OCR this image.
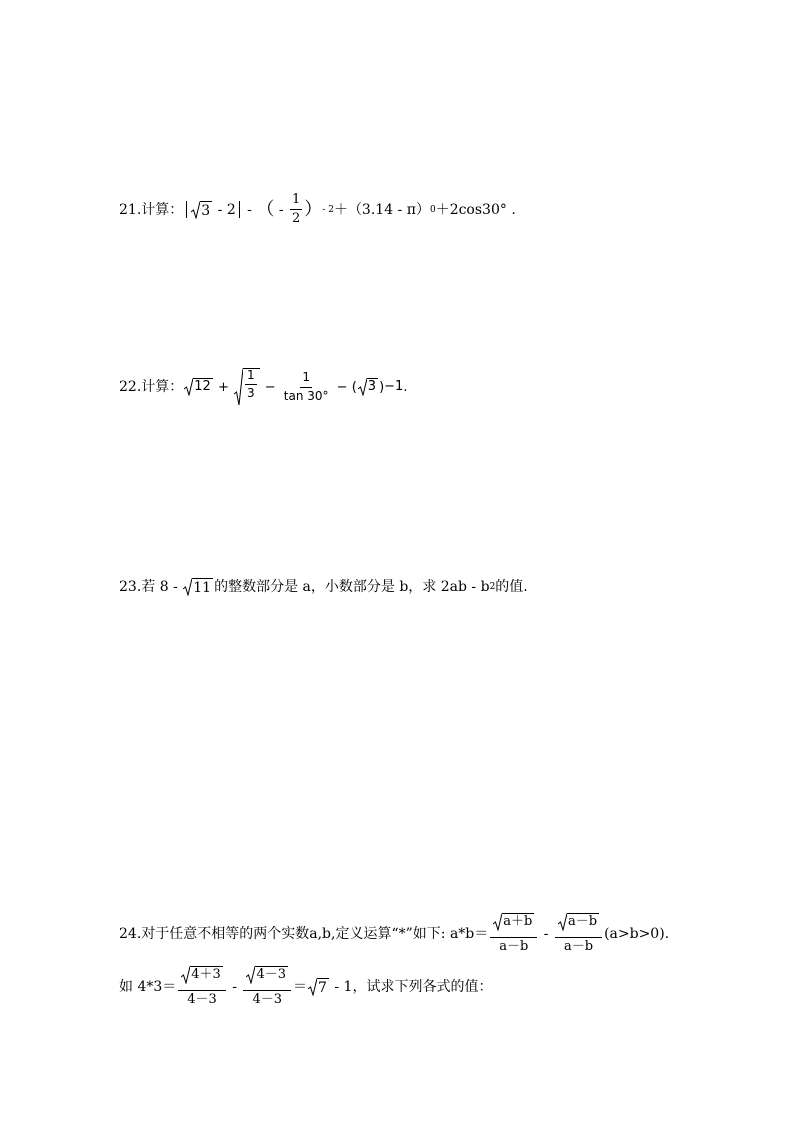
21.计算： 3 - 2 - （ - $\frac{1}{2}$ ） - 2 ＋ （3.14 - π） 0 ＋ 2cos30° .
22.计算： $12 + \frac{1}{3} - \frac{1}{\tan 30^\circ}$ − ( 3 ) −1 .
23.若 8 - 11 的整数部分是 a，小数部分是 b，求 2ab - b 2 的值.
24.对于任意不相等的两个实数a,b,定义运算“*”如下: $a*b= \frac{a+b}{a-b} - \frac{a-b}{a-b} (a>b>0)$.
如 $4*3= \frac{4+3}{4-3} - \frac{4-3}{4-3} = 7 - 1$，试求下列各式的值：
